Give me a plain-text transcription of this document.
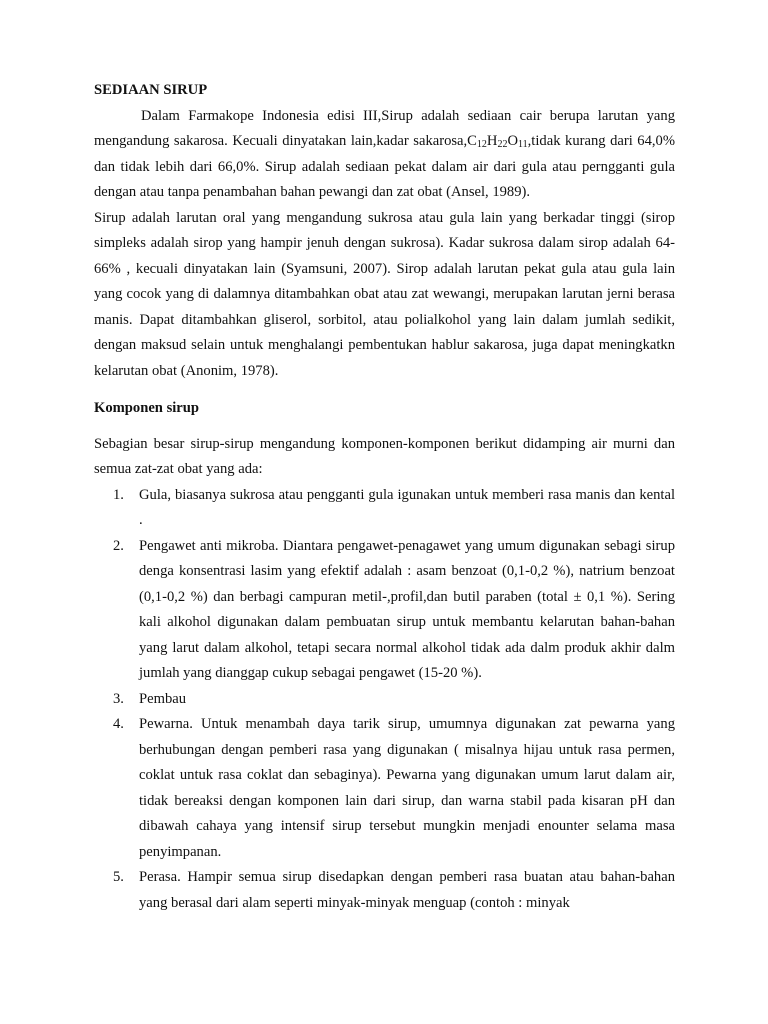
SEDIAAN SIRUP

Dalam Farmakope Indonesia edisi III,Sirup adalah sediaan cair berupa larutan yang mengandung sakarosa. Kecuali dinyatakan lain,kadar $sakarosa,C_{12}H_{22}O_{11},tidak$ kurang dari 64,0% dan tidak lebih dari 66,0%. Sirup adalah sediaan pekat dalam air dari gula atau perngganti gula dengan atau tanpa penambahan bahan pewangi dan zat obat (Ansel, 1989).

Sirup adalah larutan oral yang mengandung sukrosa atau gula lain yang berkadar tinggi (sirop simpleks adalah sirop yang hampir jenuh dengan sukrosa). Kadar sukrosa dalam sirop adalah 64-66% , kecuali dinyatakan lain (Syamsuni, 2007). Sirop adalah larutan pekat gula atau gula lain yang cocok yang di dalamnya ditambahkan obat atau zat wewangi, merupakan larutan jerni berasa manis. Dapat ditambahkan gliserol, sorbitol, atau polialkohol yang lain dalam jumlah sedikit, dengan maksud selain untuk menghalangi pembentukan hablur sakarosa, juga dapat meningkatkn kelarutan obat (Anonim, 1978).

Komponen sirup

Sebagian besar sirup-sirup mengandung komponen-komponen berikut didamping air murni dan semua zat-zat obat yang ada:

1. Gula, biasanya sukrosa atau pengganti gula igunakan untuk memberi rasa manis dan kental .
2. Pengawet anti mikroba. Diantara pengawet-penagawet yang umum digunakan sebagi sirup denga konsentrasi lasim yang efektif adalah : asam benzoat (0,1-0,2 %), natrium benzoat (0,1-0,2 %) dan berbagi campuran metil-,profil,dan butil paraben (total ± 0,1 %). Sering kali alkohol digunakan dalam pembuatan sirup untuk membantu kelarutan bahan-bahan yang larut dalam alkohol, tetapi secara normal alkohol tidak ada dalm produk akhir dalm jumlah yang dianggap cukup sebagai pengawet (15-20 %).
3. Pembau
4. Pewarna. Untuk menambah daya tarik sirup, umumnya digunakan zat pewarna yang berhubungan dengan pemberi rasa yang digunakan ( misalnya hijau untuk rasa permen, coklat untuk rasa coklat dan sebaginya). Pewarna yang digunakan umum larut dalam air, tidak bereaksi dengan komponen lain dari sirup, dan warna stabil pada kisaran pH dan dibawah cahaya yang intensif sirup tersebut mungkin menjadi enounter selama masa penyimpanan.
5. Perasa. Hampir semua sirup disedapkan dengan pemberi rasa buatan atau bahan-bahan yang berasal dari alam seperti minyak-minyak menguap (contoh : minyak
